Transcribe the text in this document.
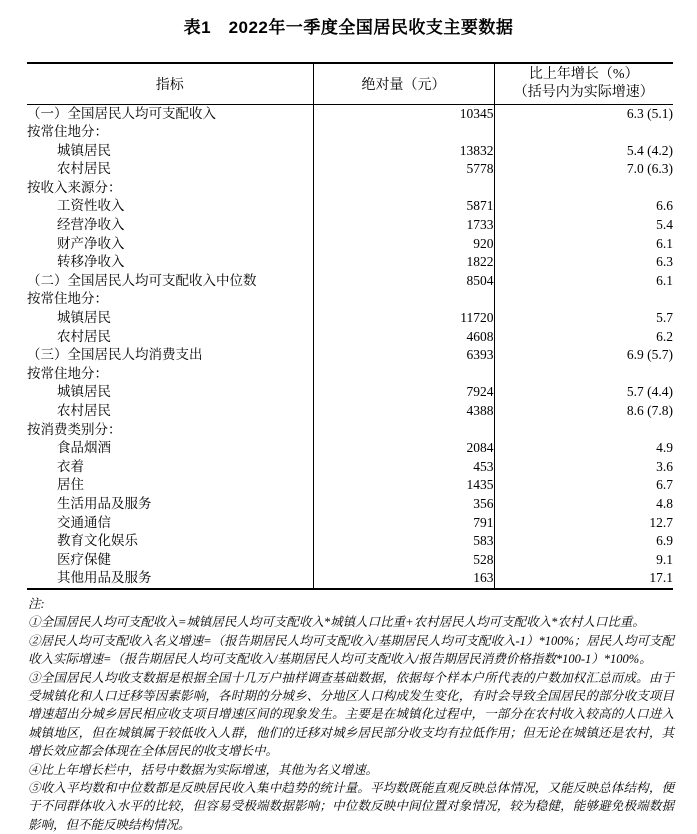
表1　2022年一季度全国居民收支主要数据
指标	绝对量（元）	比上年增长（%）
（括号内为实际增速）

（一）全国居民人均可支配收入	10345	6.3 (5.1)
按常住地分：		
城镇居民	13832	5.4 (4.2)
农村居民	5778	7.0 (6.3)
按收入来源分：		
工资性收入	5871	6.6
经营净收入	1733	5.4
财产净收入	920	6.1
转移净收入	1822	6.3
（二）全国居民人均可支配收入中位数	8504	6.1
按常住地分：		
城镇居民	11720	5.7
农村居民	4608	6.2
（三）全国居民人均消费支出	6393	6.9 (5.7)
按常住地分：		
城镇居民	7924	5.7 (4.4)
农村居民	4388	8.6 (7.8)
按消费类别分：		
食品烟酒	2084	4.9
衣着	453	3.6
居住	1435	6.7
生活用品及服务	356	4.8
交通通信	791	12.7
教育文化娱乐	583	6.9
医疗保健	528	9.1
其他用品及服务	163	17.1
注:

①全国居民人均可支配收入=城镇居民人均可支配收入*城镇人口比重+农村居民人均可支配收入*农村人口比重。

②居民人均可支配收入名义增速=（报告期居民人均可支配收入/基期居民人均可支配收入-1）*100%；居民人均可支配收入实际增速=（报告期居民人均可支配收入/基期居民人均可支配收入/报告期居民消费价格指数*100-1）*100%。

③全国居民人均收支数据是根据全国十几万户抽样调查基础数据，依据每个样本户所代表的户数加权汇总而成。由于受城镇化和人口迁移等因素影响，各时期的分城乡、分地区人口构成发生变化，有时会导致全国居民的部分收支项目增速超出分城乡居民相应收支项目增速区间的现象发生。主要是在城镇化过程中，一部分在农村收入较高的人口进入城镇地区，但在城镇属于较低收入人群，他们的迁移对城乡居民部分收支均有拉低作用；但无论在城镇还是农村，其增长效应都会体现在全体居民的收支增长中。

④比上年增长栏中，括号中数据为实际增速，其他为名义增速。

⑤收入平均数和中位数都是反映居民收入集中趋势的统计量。平均数既能直观反映总体情况，又能反映总体结构，便于不同群体收入水平的比较，但容易受极端数据影响；中位数反映中间位置对象情况，较为稳健，能够避免极端数据影响，但不能反映结构情况。
